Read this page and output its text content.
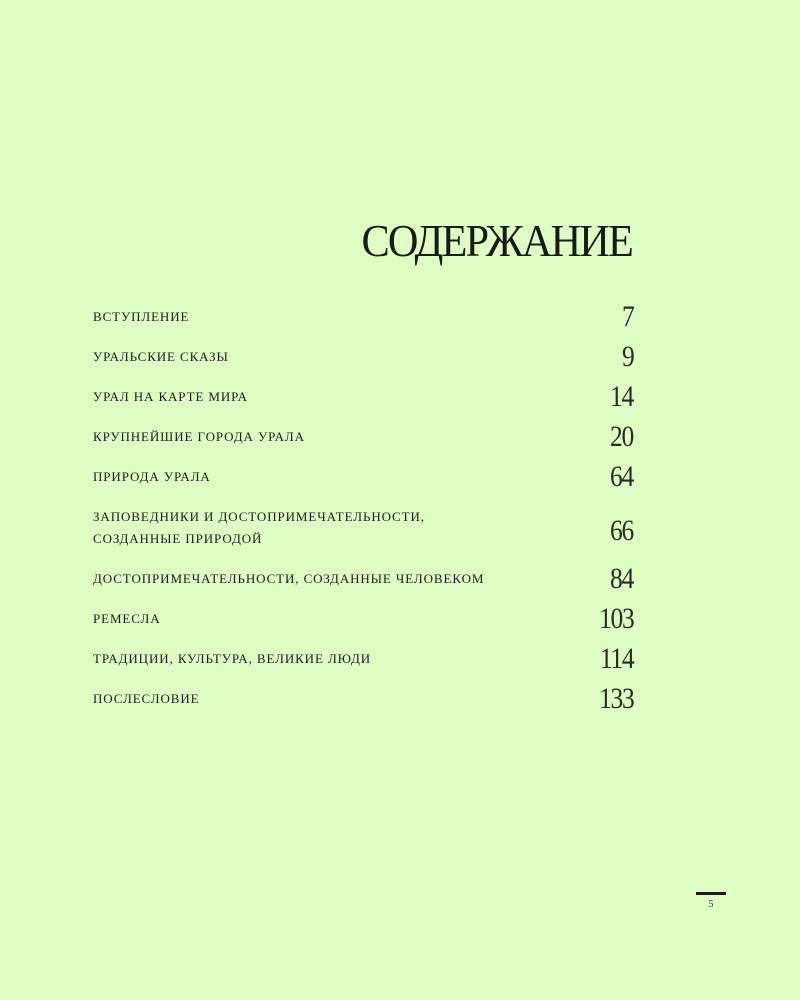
СОДЕРЖАНИЕ
ВСТУПЛЕНИЕ	7
УРАЛЬСКИЕ СКАЗЫ	9
УРАЛ НА КАРТЕ МИРА	14
КРУПНЕЙШИЕ ГОРОДА УРАЛА	20
ПРИРОДА УРАЛА	64
ЗАПОВЕДНИКИ И ДОСТОПРИМЕЧАТЕЛЬНОСТИ,
СОЗДАННЫЕ ПРИРОДОЙ	66
ДОСТОПРИМЕЧАТЕЛЬНОСТИ, СОЗДАННЫЕ ЧЕЛОВЕКОМ	84
РЕМЕСЛА	103
ТРАДИЦИИ, КУЛЬТУРА, ВЕЛИКИЕ ЛЮДИ	114
ПОСЛЕСЛОВИЕ	133
5
